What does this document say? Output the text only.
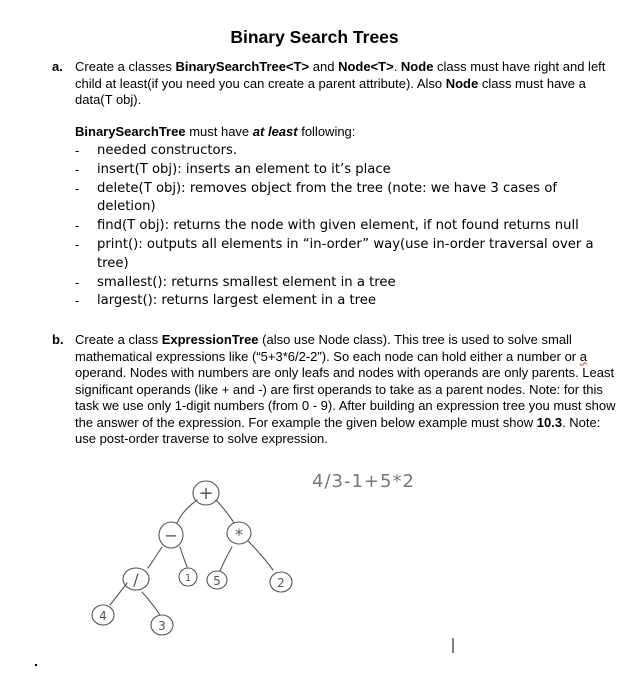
Binary Search Trees
a. Create a classes BinarySearchTree<T> and Node<T>. Node class must have right and left child at least(if you need you can create a parent attribute). Also Node class must have a data(T obj).
BinarySearchTree must have at least following:
- needed constructors.
- insert(T obj): inserts an element to it’s place
- delete(T obj): removes object from the tree (note: we have 3 cases of deletion)
- find(T obj): returns the node with given element, if not found returns null
- print(): outputs all elements in “in-order” way(use in-order traversal over a tree)
- smallest(): returns smallest element in a tree
- largest(): returns largest element in a tree
b. Create a class ExpressionTree (also use Node class). This tree is used to solve small mathematical expressions like (“5+3*6/2-2”). So each node can hold either a number or a operand. Nodes with numbers are only leafs and nodes with operands are only parents. Least significant operands (like + and -) are first operands to take as a parent nodes. Note: for this task we use only 1-digit numbers (from 0 - 9). After building an expression tree you must show the answer of the expression. For example the given below example must show 10.3. Note: use post-order traverse to solve expression.
+
−	*
/	1 5	2
4
3
4/3-1+5*2
